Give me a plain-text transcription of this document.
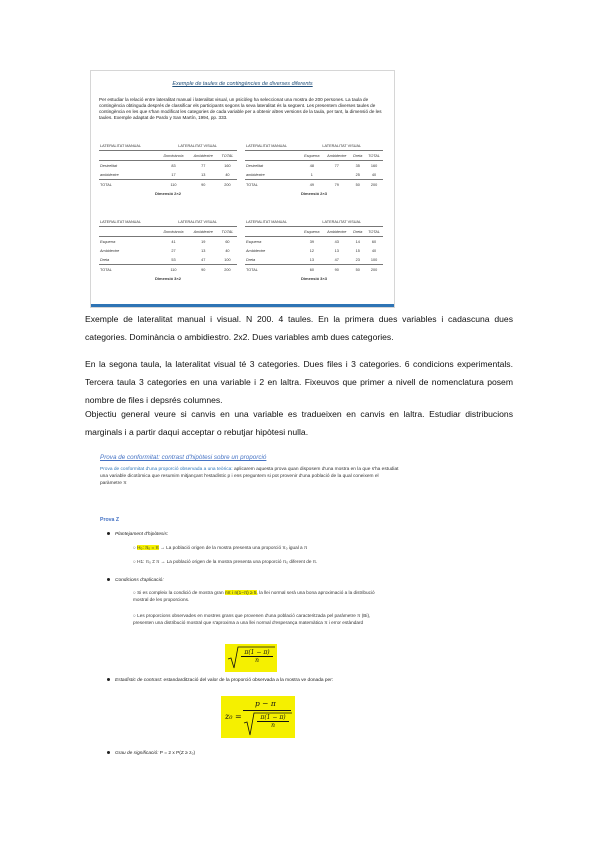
Exemple de taules de contingències de diverses diferents
Per estudiar la relació entre lateralitat manual i lateralitat visual, un psicòleg ha seleccionat una mostra de 200 persones. La taula de contingència obtinguda després de classificar els participants segons la seva lateralitat és la següent. Les presentem diverses taules de contingència en les que s'han modificat les categories de cada variable per a obtenir altres versions de la taula, per tant, la dimensió de les taules. Exemple adaptat de Pardo y San Martín, 1994, pp. 333.
LATERALITAT MANUAL	LATERALITAT VISUAL		
	Dominància	Ambidextre	TOTAL
Destrelitat	83	77	160
ambidextre	17	13	40
TOTAL	110	90	200
Dimensió 2×2
LATERALITAT MANUAL	LATERALITAT VISUAL			
	Esquerra	Ambidextre	Dreta	TOTAL
Destrelitat	48	77	35	160
ambidextre	1		25	40
TOTAL	49	79	50	200
Dimensió 2×3
LATERALITAT MANUAL	LATERALITAT VISUAL		
	Dominància	Ambidextre	TOTAL
Esquerra	41	19	60
Ambidextre	27	13	40
Dreta	53	47	100
TOTAL	110	90	200
Dimensió 3×2
LATERALITAT MANUAL	LATERALITAT VISUAL			
	Esquerra	Ambidextre	Dreta	TOTAL
Esquerra	39	43	14	60
Ambidextre	12	13	15	40
Dreta	13	47	23	100
TOTAL	60	90	50	200
Dimensió 3×3

Exemple de lateralitat manual i visual. N 200. 4 taules. En la primera dues variables i cadascuna dues categories. Dominància o ambidiestro. 2x2. Dues variables amb dues categories.

En la segona taula, la lateralitat visual té 3 categories. Dues files i 3 categories. 6 condicions experimentals. Tercera taula 3 categories en una variable i 2 en laltra. Fixeuvos que primer a nivell de nomenclatura posem nombre de files i depsrés columnes.

Objectiu general veure si canvis en una variable es tradueixen en canvis en laltra. Estudiar distribucions marginals i a partir daqui acceptar o rebutjar hipòtesi nulla.

Prova de conformitat: contrast d'hipòtesi sobre un proporció
Prova de conformitat d'una proporció observada a una teòrica: aplicarem aquesta prova quan disposem d'una mostra en la que s'ha estudiat una variable dicotòmica que resumim mitjançant l'estadístic p i ens preguntem si pot provenir d'una població de la qual coneixem el paràmetre π
Prova Z
Plantejament d'hipòtesis:
○ H₀: π₀ = π → La població origen de la mostra presenta una proporció π₀ igual a π
○ H1: π₀ ≠ π → La població origen de la mostra presenta una proporció π₀ diferent de π.
Condicions d'aplicació:
○ Si es compleix la condició de mostra gran nπ i n(1−π) ≥ 5, la llei normal serà una bona aproximació a la distribució mostral de les proporcions.
○ Les proporcions observades en mostres grans que provenen d'una població caracteritzada pel paràmetre π (Bi), presenten una distribució mostral que s'aproxima a una llei normal d'esperança matemàtica π i error estàndard
$\frac{\pi(1 - \pi)}{n}$
Estadístic de contrast: estandardització del valor de la proporció observada a la mostra ve donada per:
z₀ =
p − π
$\frac{\pi(1 - \pi)}{n}$
Grau de significació: P = 2 x P(Z ≥ z₀)
